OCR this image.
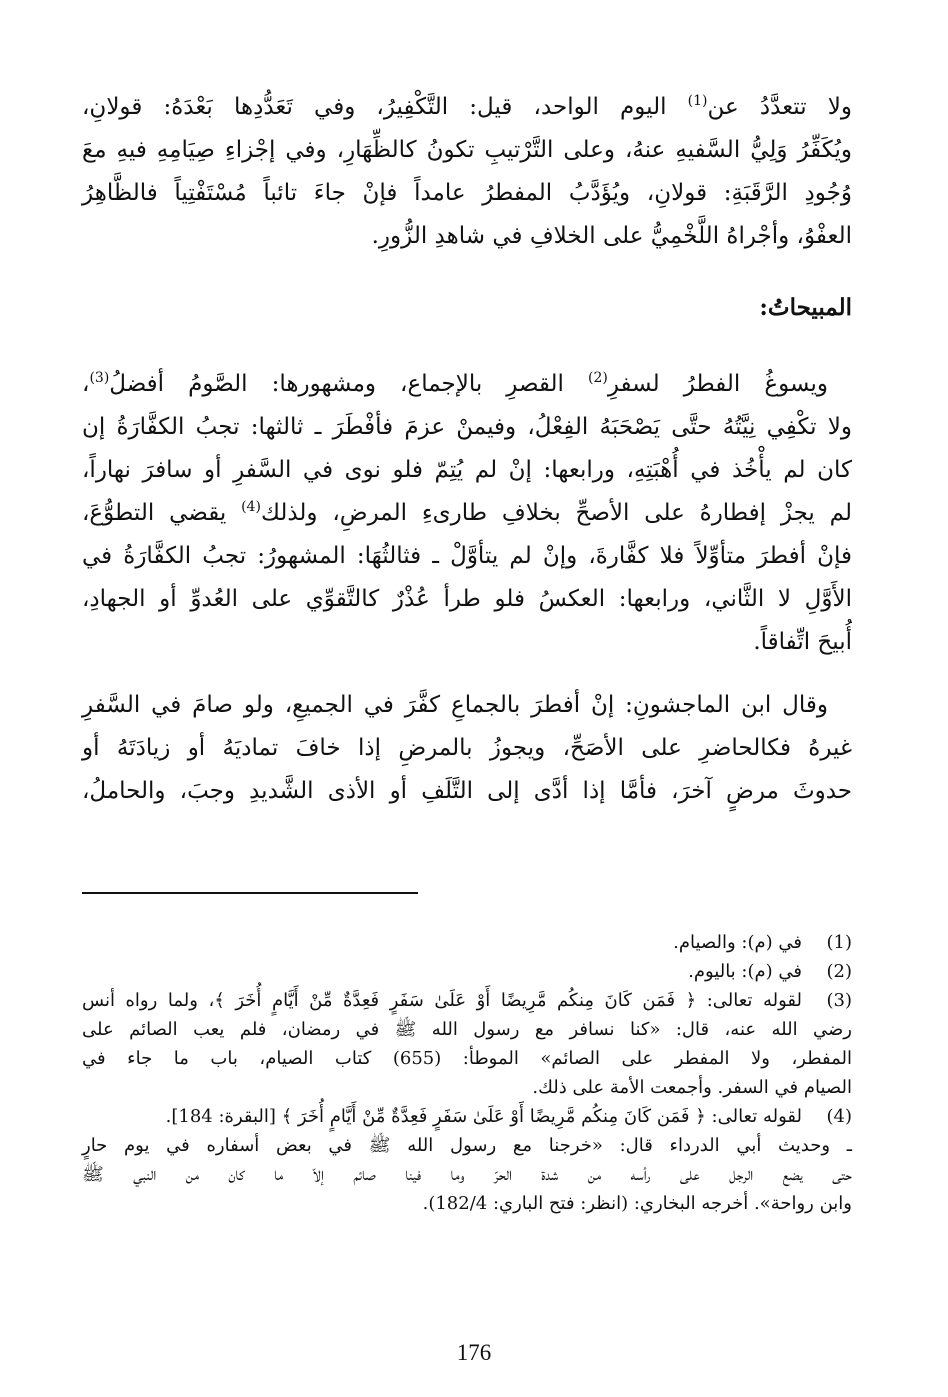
ولا تتعدَّدُ عن$^{(1)}$ اليوم الواحد، قيل: التَّكْفِيرُ، وفي تَعَدُّدِها بَعْدَهُ: قولانِ،
ويُكَفِّرُ وَلِيُّ السَّفيهِ عنهُ، وعلى التَّرْتيبِ تكونُ كالظِّهَارِ، وفي إجْزاءِ صِيَامِهِ فيهِ معَ
وُجُودِ الرَّقَبَةِ: قولانِ، ويُؤَدَّبُ المفطرُ عامداً فإنْ جاءَ تائباً مُسْتَفْتِياً فالظَّاهِرُ
العفْوُ، وأجْراهُ اللَّخْمِيُّ على الخلافِ في شاهدِ الزُّورِ.

المبيحاتُ:

ويسوغُ الفطرُ لسفرِ$^{(2)}$ القصرِ بالإجماع، ومشهورها: الصَّومُ أفضلُ$^{(3)}$،
ولا تكْفِي نِيَّتُهُ حتَّى يَصْحَبَهُ الفِعْلُ، وفيمنْ عزمَ فأفْطَرَ ـ ثالثها: تجبُ الكفَّارَةُ إن
كان لم يأْخُذ في أُهْبَتِهِ، ورابعها: إنْ لم يُتِمّ فلو نوى في السَّفرِ أو سافرَ نهاراً،
لم يجزْ إفطارهُ على الأصحِّ بخلافِ طارىءِ المرضِ، ولذلك$^{(4)}$ يقضي التطوُّعَ،
فإنْ أفطرَ متأوِّلاً فلا كفَّارةَ، وإنْ لم يتأوَّلْ ـ فثالثُهَا: المشهورُ: تجبُ الكفَّارَةُ في
الأَوَّلِ لا الثَّاني، ورابعها: العكسُ فلو طرأ عُذْرٌ كالتَّقوِّي على العُدوِّ أو الجهادِ،
أُبيحَ اتِّفاقاً.

وقال ابن الماجشونِ: إنْ أفطرَ بالجماعِ كفَّرَ في الجميعِ، ولو صامَ في السَّفرِ
غيرهُ فكالحاضرِ على الأصَحِّ، ويجوزُ بالمرضِ إذا خافَ تماديَهُ أو زيادَتَهُ أو
حدوثَ مرضٍ آخرَ، فأمَّا إذا أدَّى إلى التَّلَفِ أو الأذى الشَّديدِ وجبَ، والحاملُ،

(1)
في (م): والصيام.
(2)
في (م): باليوم.
(3)
لقوله تعالى: ﴿ فَمَن كَانَ مِنكُم مَّرِيضًا أَوْ عَلَىٰ سَفَرٍ فَعِدَّةٌ مِّنْ أَيَّامٍ أُخَرَ ﴾، ولما رواه أنس
رضي الله عنه، قال: «كنا نسافر مع رسول الله ﷺ في رمضان، فلم يعب الصائم على
المفطر، ولا المفطر على الصائم» الموطأ: (655) كتاب الصيام، باب ما جاء في
الصيام في السفر. وأجمعت الأمة على ذلك.
(4)
لقوله تعالى: ﴿ فَمَن كَانَ مِنكُم مَّرِيضًا أَوْ عَلَىٰ سَفَرٍ فَعِدَّةٌ مِّنْ أَيَّامٍ أُخَرَ ﴾ [البقرة: 184].
ـ وحديث أبي الدرداء قال: «خرجنا مع رسول الله ﷺ في بعض أسفاره في يوم حارٍ
حتى يضع الرجل على رأسه من شدة الحرّ وما فينا صائم إلاّ ما كان من النبي ﷺ
وابن رواحة». أخرجه البخاري: (انظر: فتح الباري: 182/4).
176
